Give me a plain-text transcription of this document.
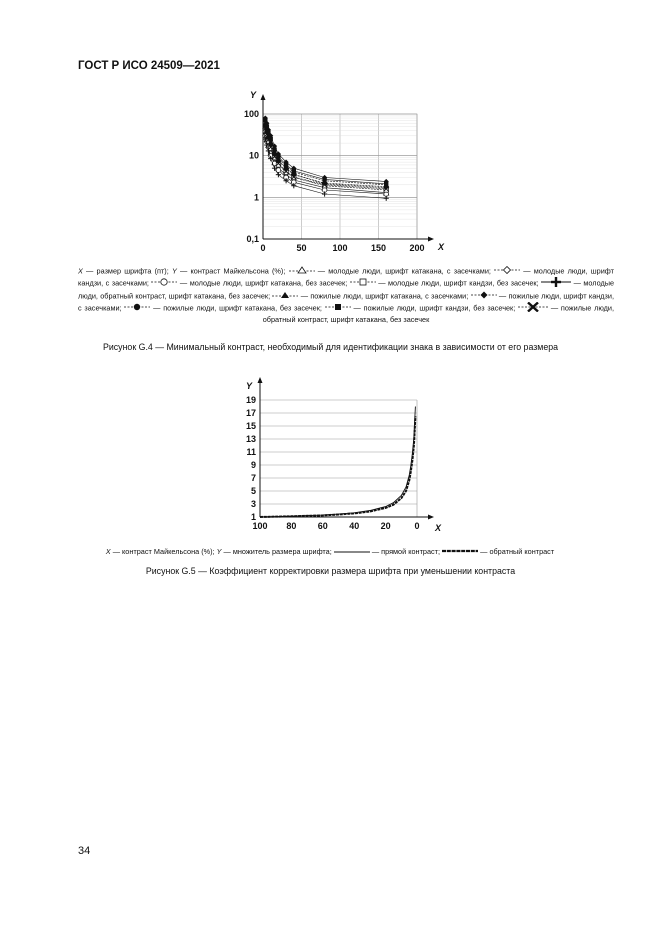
ГОСТ Р ИСО 24509—2021
0	50	100	150	200
0,1
1
10
100
X
Y
X — размер шрифта (пт); Y — контраст Майкельсона (%);	— молодые люди, шрифт катакана, с засечками;	— молодые люди, шрифт кандзи, с засечками;	— молодые люди, шрифт катакана, без засечек;	— молодые люди, шрифт кандзи, без засечек;	— молодые люди, обратный контраст, шрифт катакана, без засечек;	— пожилые люди, шрифт катакана, с засечками;	— пожилые люди, шрифт кандзи, с засечками;	— пожилые люди, шрифт катакана, без засечек;	— пожилые люди, шрифт кандзи, без засечек;	— пожилые люди, обратный контраст, шрифт катакана, без засечек
Рисунок G.4 — Минимальный контраст, необходимый для идентификации знака в зависимости от его размера
100 80 60 40 20	0
1
3
5
7
9
11
13
15
17
19
X
Y
X — контраст Майкельсона (%); Y — множитель размера шрифта;	— прямой контраст;	— обратный контраст
Рисунок G.5 — Коэффициент корректировки размера шрифта при уменьшении контраста
34
